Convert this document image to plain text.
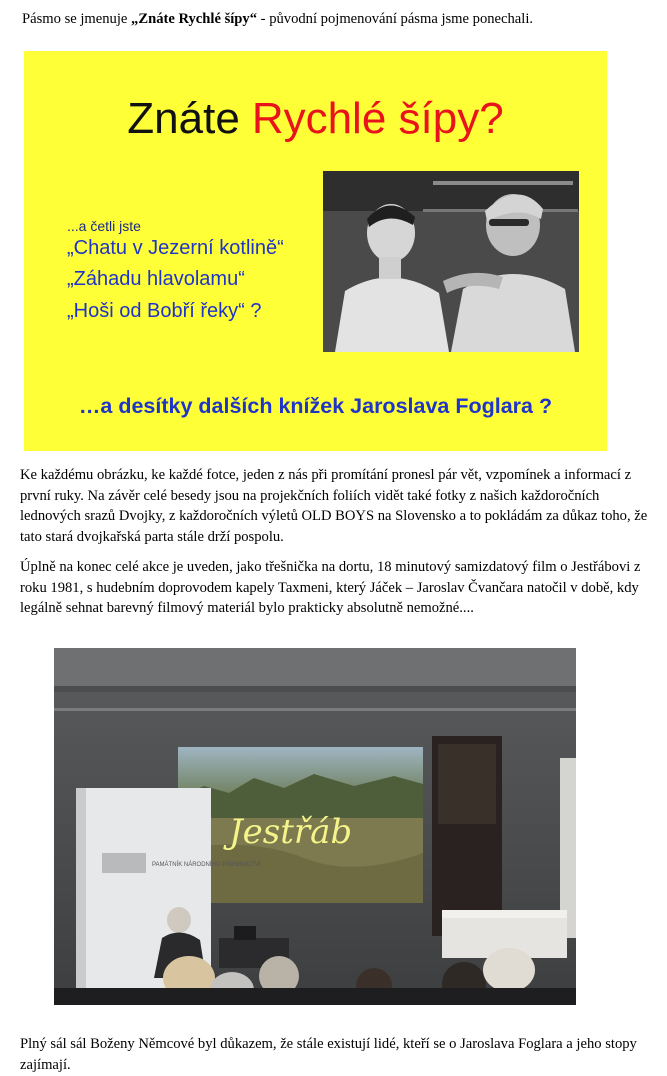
Pásmo se jmenuje „Znáte Rychlé šípy“ - původní pojmenování pásma jsme ponechali.
Znáte Rychlé šípy?
...a četli jste
„Chatu v Jezerní kotlině“
„Záhadu hlavolamu“
„Hoši od Bobří řeky“ ?
…a desítky dalších knížek Jaroslava Foglara ?
Ke každému obrázku, ke každé fotce, jeden z nás při promítání pronesl pár vět, vzpomínek a informací z první ruky. Na závěr celé besedy jsou na projekčních foliích vidět také fotky z našich každoročních lednových srazů Dvojky, z každoročních výletů OLD BOYS na Slovensko a to pokládám za důkaz toho, že tato stará dvojkařská parta stále drží pospolu.
Úplně na konec celé akce je uveden, jako třešnička na dortu, 18 minutový samizdatový film o Jestřábovi z roku 1981, s hudebním doprovodem kapely Taxmeni, který Jáček – Jaroslav Čvančara natočil v době, kdy legálně sehnat barevný filmový materiál bylo prakticky absolutně nemožné....
Jestřáb
PAMÁTNÍK NÁRODNÍHO PÍSEMNICTVÍ
Plný sál sál Boženy Němcové byl důkazem, že stále existují lidé, kteří se o Jaroslava Foglara a jeho stopy zajímají.
